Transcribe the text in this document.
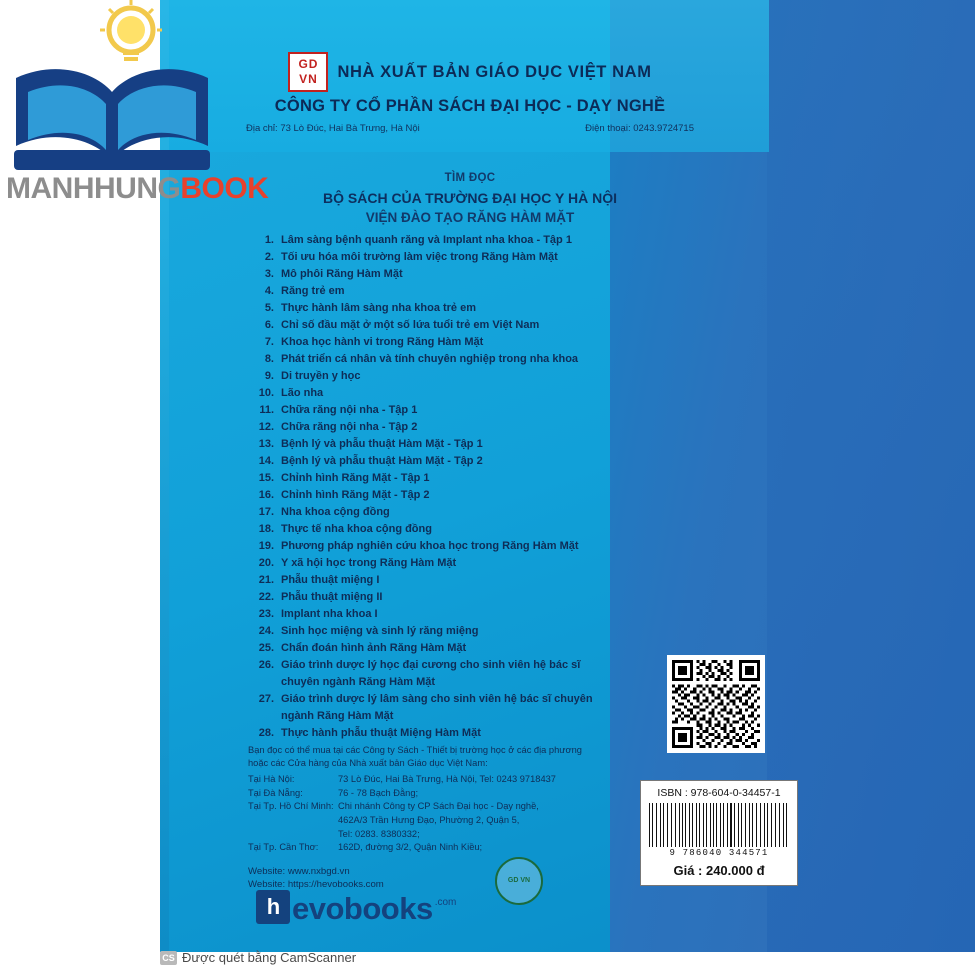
GD
VN NHÀ XUẤT BẢN GIÁO DỤC VIỆT NAM
CÔNG TY CỔ PHẦN SÁCH ĐẠI HỌC - DẠY NGHỀ
Địa chỉ: 73 Lò Đúc, Hai Bà Trưng, Hà Nội	Điện thoại: 0243.9724715
TÌM ĐỌC
BỘ SÁCH CỦA TRƯỜNG ĐẠI HỌC Y HÀ NỘI
VIỆN ĐÀO TẠO RĂNG HÀM MẶT
1. Lâm sàng bệnh quanh răng và Implant nha khoa - Tập 1
2. Tối ưu hóa môi trường làm việc trong Răng Hàm Mặt
3. Mô phôi Răng Hàm Mặt
4. Răng trẻ em
5. Thực hành lâm sàng nha khoa trẻ em
6. Chỉ số đầu mặt ở một số lứa tuổi trẻ em Việt Nam
7. Khoa học hành vi trong Răng Hàm Mặt
8. Phát triển cá nhân và tính chuyên nghiệp trong nha khoa
9. Di truyền y học
10. Lão nha
11. Chữa răng nội nha - Tập 1
12. Chữa răng nội nha - Tập 2
13. Bệnh lý và phẫu thuật Hàm Mặt - Tập 1
14. Bệnh lý và phẫu thuật Hàm Mặt - Tập 2
15. Chỉnh hình Răng Mặt - Tập 1
16. Chỉnh hình Răng Mặt - Tập 2
17. Nha khoa cộng đồng
18. Thực tế nha khoa cộng đồng
19. Phương pháp nghiên cứu khoa học trong Răng Hàm Mặt
20. Y xã hội học trong Răng Hàm Mặt
21. Phẫu thuật miệng I
22. Phẫu thuật miệng II
23. Implant nha khoa I
24. Sinh học miệng và sinh lý răng miệng
25. Chẩn đoán hình ảnh Răng Hàm Mặt
26. Giáo trình dược lý học đại cương cho sinh viên hệ bác sĩ
chuyên ngành Răng Hàm Mặt
27. Giáo trình dược lý lâm sàng cho sinh viên hệ bác sĩ chuyên
ngành Răng Hàm Mặt
28. Thực hành phẫu thuật Miệng Hàm Mặt
Bạn đọc có thể mua tại các Công ty Sách - Thiết bị trường học ở các địa phương
hoặc các Cửa hàng của Nhà xuất bản Giáo dục Việt Nam:
Tại Hà Nội:	73 Lò Đúc, Hai Bà Trưng, Hà Nội, Tel: 0243 9718437
Tại Đà Nẵng:	76 - 78 Bạch Đằng;
Tại Tp. Hồ Chí Minh:	Chi nhánh Công ty CP Sách Đại học - Dạy nghề,
	462A/3 Trần Hưng Đạo, Phường 2, Quận 5,
	Tel: 0283. 8380332;
Tại Tp. Cần Thơ:	162D, đường 3/2, Quận Ninh Kiều;
Website: www.nxbgd.vn
Website: https://hevobooks.com	GD VN
h evobooks .com
ISBN : 978-604-0-34457-1
9 786040 344571
Giá : 240.000 đ
MANHHUNGBOOK
CS Được quét bằng CamScanner
